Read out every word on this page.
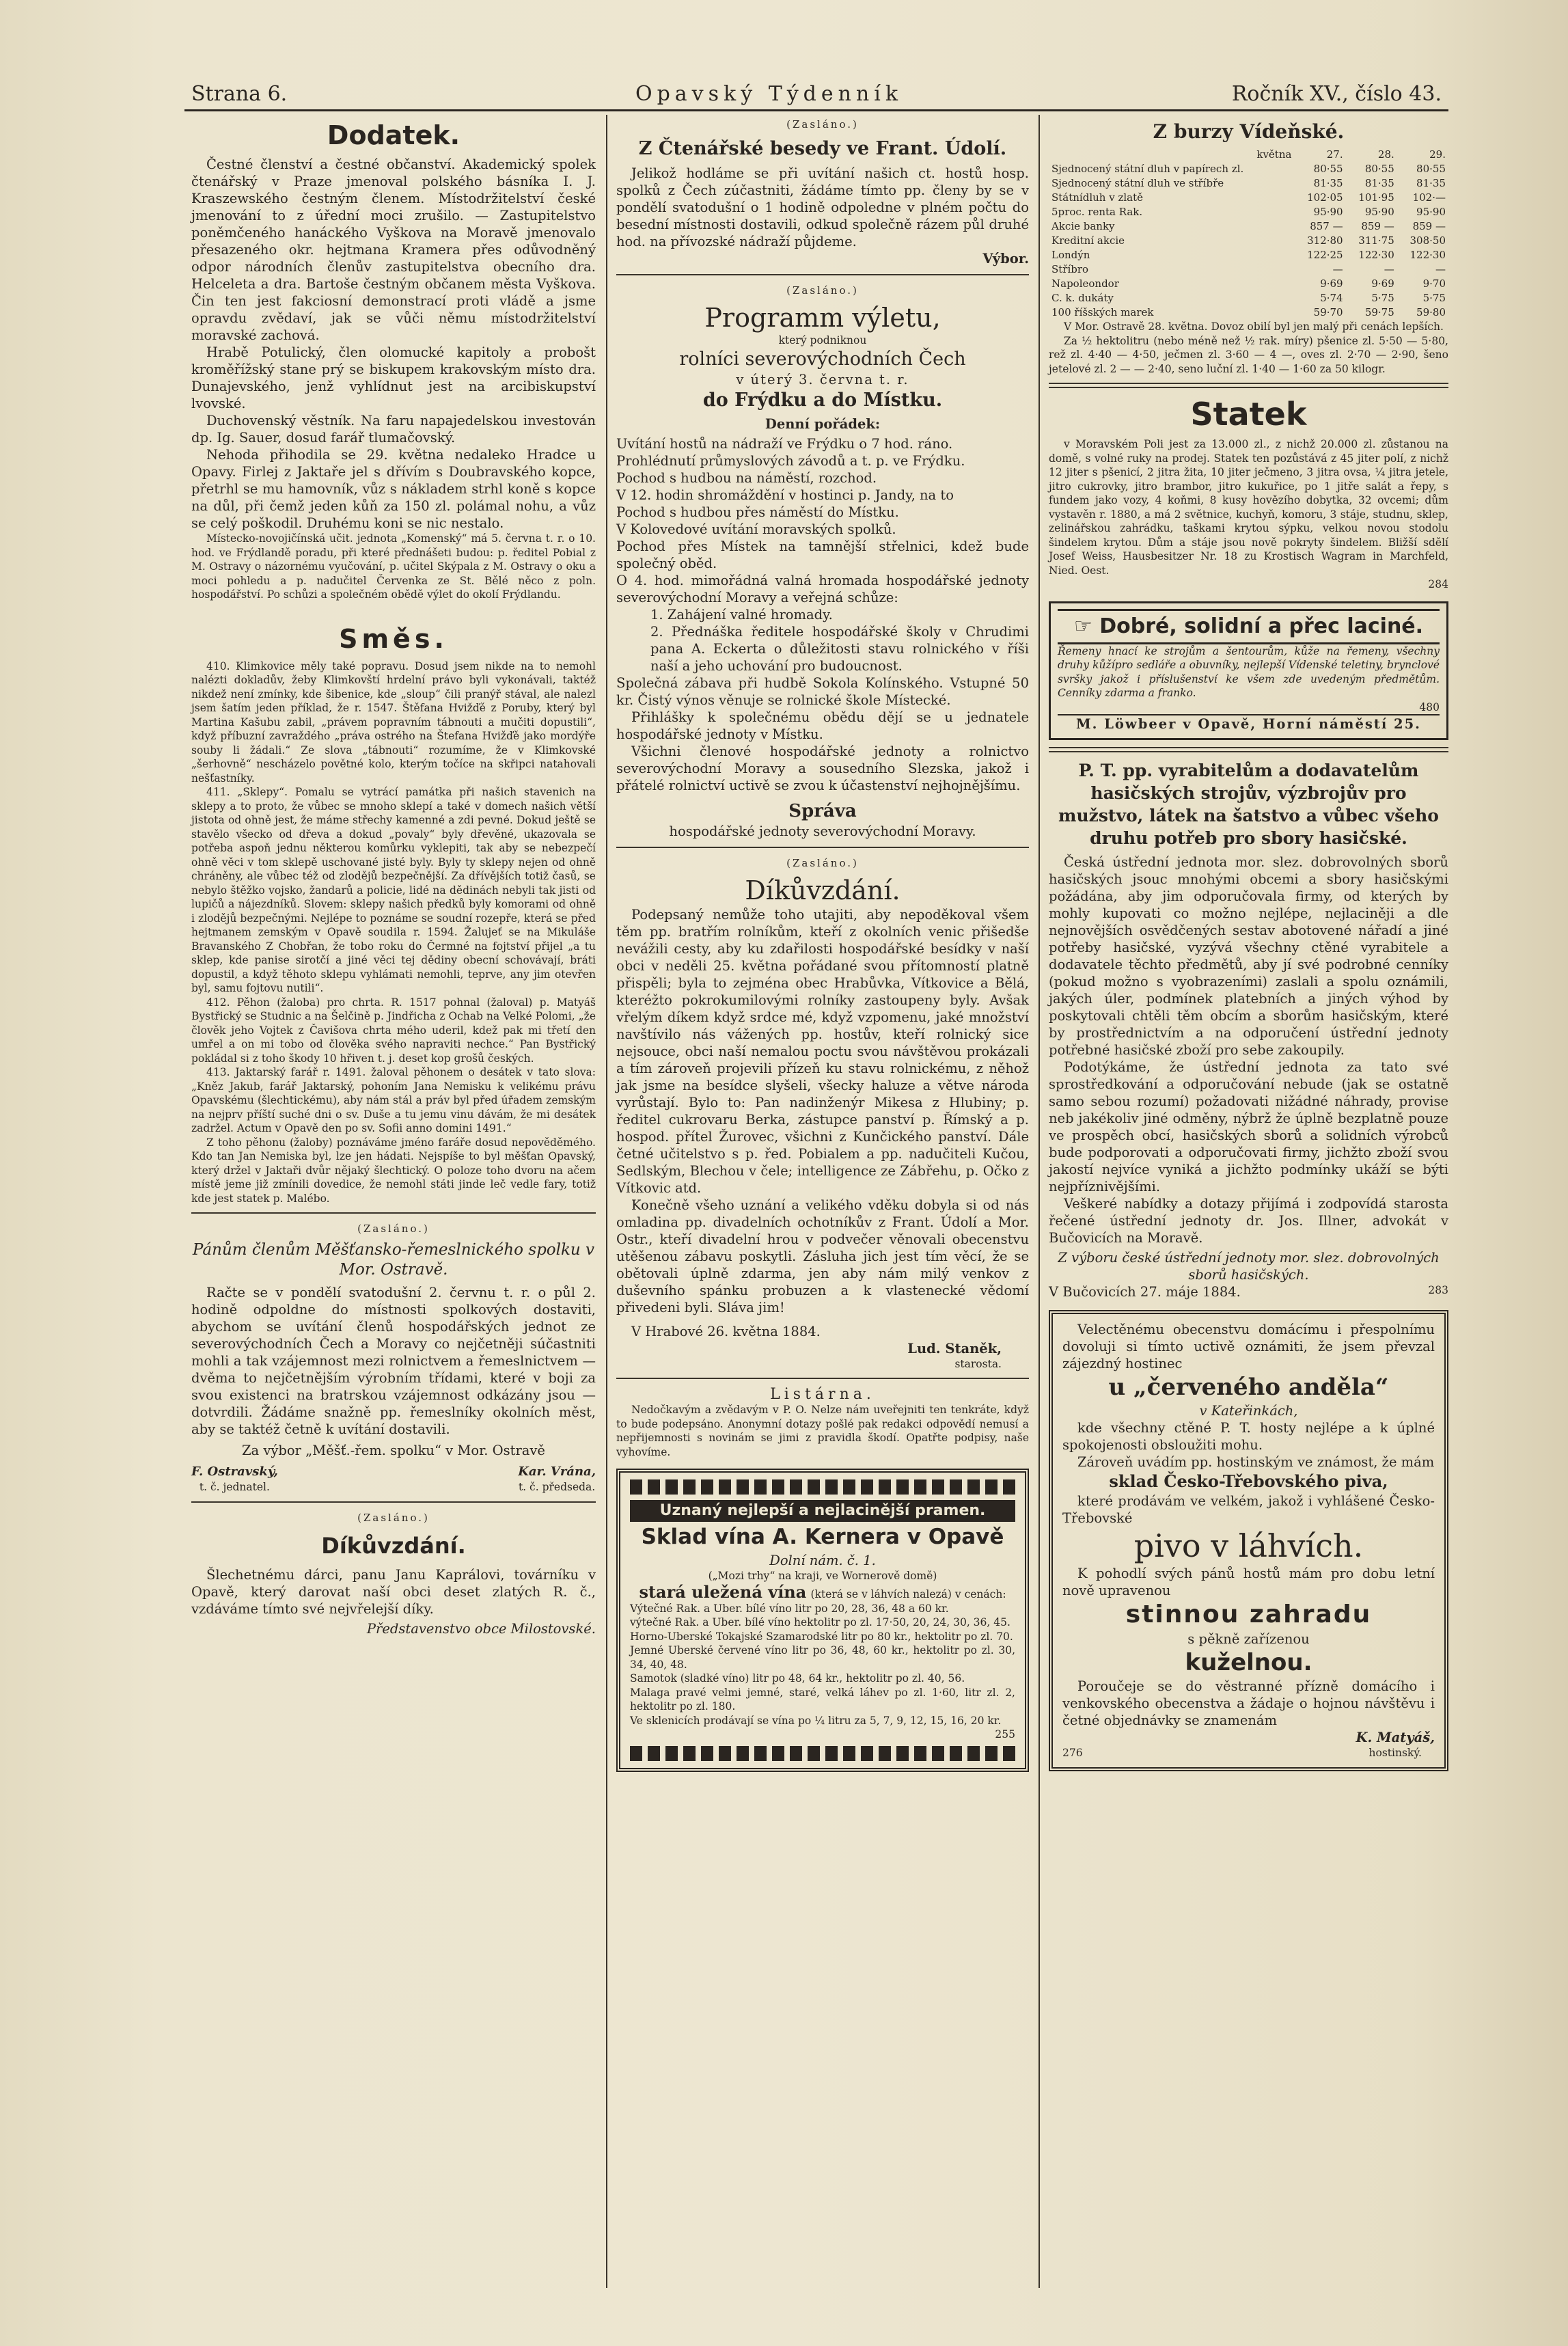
Strana 6.	Opavský Týdenník	Ročník XV., číslo 43.
Dodatek.

Čestné členství a čestné občanství. Akademický spolek čtenářský v Praze jmenoval polského básníka I. J. Kraszewského čestným členem. Místodržitelství české jmenování to z úřední moci zrušilo. — Zastupitelstvo poněmčeného hanáckého Vyškova na Moravě jmenovalo přesazeného okr. hejtmana Kramera přes odůvodněný odpor národních členův zastupitelstva obecního dra. Helceleta a dra. Bartoše čestným občanem města Vyškova. Čin ten jest fakciosní demonstrací proti vládě a jsme opravdu zvědaví, jak se vůči němu místodržitelství moravské zachová.

Hrabě Potulický, člen olomucké kapitoly a probošt kroměřížský stane prý se biskupem krakovským místo dra. Dunajevského, jenž vyhlídnut jest na arcibiskupství lvovské.

Duchovenský věstník. Na faru napajedelskou investován dp. Ig. Sauer, dosud farář tlumačovský.

Nehoda přihodila se 29. května nedaleko Hradce u Opavy. Firlej z Jaktaře jel s dřívím s Doubravského kopce, přetrhl se mu hamovník, vůz s nákladem strhl koně s kopce na důl, při čemž jeden kůň za 150 zl. polámal nohu, a vůz se celý poškodil. Druhému koni se nic nestalo.

Místecko-novojičínská učit. jednota „Komenský“ má 5. června t. r. o 10. hod. ve Frýdlandě poradu, při které přednášeti budou: p. ředitel Pobial z M. Ostravy o názornému vyučování, p. učitel Skýpala z M. Ostravy o oku a moci pohledu a p. nadučitel Červenka ze St. Bělé něco z poln. hospodářství. Po schůzi a společném obědě výlet do okolí Frýdlandu.

Směs.

410. Klimkovice měly také popravu. Dosud jsem nikde na to nemohl nalézti dokladův, žeby Klimkovští hrdelní právo byli vykonávali, taktéž nikdež není zmínky, kde šibenice, kde „sloup“ čili pranýř stával, ale nalezl jsem šatím jeden příklad, že r. 1547. Štěfana Hvižďě z Poruby, který byl Martina Kašubu zabil, „právem popravním tábnouti a mučiti dopustili“, když příbuzní zavraždého „práva ostrého na Štefana Hvižďě jako mordýře souby li žádali.“ Ze slova „tábnouti“ rozumíme, že v Klimkovské „šerhovně“ nescházelo povětné kolo, kterým točíce na skřipci natahovali nešťastníky.

411. „Sklepy“. Pomalu se vytrácí památka při našich stavenich na sklepy a to proto, že vůbec se mnoho sklepí a také v domech našich větší jistota od ohně jest, že máme střechy kamenné a zdi pevné. Dokud ještě se stavělo všecko od dřeva a dokud „povaly“ byly dřevěné, ukazovala se potřeba aspoň jednu některou komůrku vyklepiti, tak aby se nebezpečí ohně věci v tom sklepě uschované jisté byly. Byly ty sklepy nejen od ohně chráněny, ale vůbec též od zlodějů bezpečnější. Za dřívějších totiž časů, se nebylo štěžko vojsko, žandarů a policie, lidé na dědinách nebyli tak jisti od lupičů a nájezdníků. Slovem: sklepy našich předků byly komorami od ohně i zlodějů bezpečnými. Nejlépe to poznáme se soudní rozepře, která se před hejtmanem zemským v Opavě soudila r. 1594. Žalujeť se na Mikuláše Bravanského Z Chobřan, že tobo roku do Čermné na fojtství přijel „a tu sklep, kde panise sirotčí a jiné věci tej dědiny obecní schovávají, bráti dopustil, a když těhoto sklepu vyhlámati nemohli, teprve, any jim otevřen byl, samu fojtovu nutili“.

412. Pěhon (žaloba) pro chrta. R. 1517 pohnal (žaloval) p. Matyáš Bystřický se Studnic a na Šelčině p. Jindřicha z Ochab na Velké Polomi, „že člověk jeho Vojtek z Čavišova chrta mého uderil, kdež pak mi třetí den umřel a on mi tobo od člověka svého napraviti nechce.“ Pan Bystřický pokládal si z toho škody 10 hřiven t. j. deset kop grošů českých.

413. Jaktarský farář r. 1491. žaloval pěhonem o desátek v tato slova: „Kněz Jakub, farář Jaktarský, pohoním Jana Nemisku k velikému právu Opavskému (šlechtickému), aby nám stál a práv byl před úřadem zemským na nejprv příští suché dni o sv. Duše a tu jemu vinu dávám, že mi desátek zadržel. Actum v Opavě den po sv. Sofii anno domini 1491.“

Z toho pěhonu (žaloby) poznáváme jméno faráře dosud nepověděmého. Kdo tan Jan Nemiska byl, lze jen hádati. Nejspíše to byl měšťan Opavský, který držel v Jaktaři dvůr nějaký šlechtický. O poloze toho dvoru na ačem místě jeme již zmínili dovedice, že nemohl státi jinde leč vedle fary, totiž kde jest statek p. Malébo.

(Zasláno.)
Pánům členům Měšťansko-řemeslnického spolku v Mor. Ostravě.

Račte se v pondělí svatodušní 2. červnu t. r. o půl 2. hodině odpoldne do místnosti spolkových dostaviti, abychom se uvítání členů hospodářských jednot ze severovýchodních Čech a Moravy co nejčetněji súčastniti mohli a tak vzájemnost mezi rolnictvem a řemeslnictvem — dvěma to nejčetnějším výrobním třídami, které v boji za svou existenci na bratrskou vzájemnost odkázány jsou — dotvrdili. Žádáme snažně pp. řemeslníky okolních měst, aby se taktéž četně k uvítání dostavili.

Za výbor „Měšť.-řem. spolku“ v Mor. Ostravě

F. Ostravský,
t. č. jednatel.
Kar. Vrána,
t. č. předseda.
(Zasláno.)
Díkůvzdání.

Šlechetnému dárci, panu Janu Kaprálovi, továrníku v Opavě, který darovat naší obci deset zlatých R. č., vzdáváme tímto své nejvřelejší díky.

Představenstvo obce Milostovské.
(Zasláno.)
Z Čtenářské besedy ve Frant. Údolí.

Jelikož hodláme se při uvítání našich ct. hostů hosp. spolků z Čech zúčastniti, žádáme tímto pp. členy by se v pondělí svatodušní o 1 hodině odpoledne v plném počtu do besední místnosti dostavili, odkud společně rázem půl druhé hod. na přívozské nádraží půjdeme.

Výbor.
(Zasláno.)
Programm výletu,
který podniknou
rolníci severovýchodních Čech
v úterý 3. června t. r.
do Frýdku a do Místku.
Denní pořádek:
Uvítání hostů na nádraží ve Frýdku o 7 hod. ráno.
Prohlédnutí průmyslových závodů a t. p. ve Frýdku.
Pochod s hudbou na náměstí, rozchod.
V 12. hodin shromáždění v hostinci p. Jandy, na to
Pochod s hudbou přes náměstí do Místku.
V Kolovedové uvítání moravských spolků.
Pochod přes Místek na tamnější střelnici, kdež bude společný oběd.
O 4. hod. mimořádná valná hromada hospodářské jednoty severovýchodní Moravy a veřejná schůze:
1. Zahájení valné hromady.
2. Přednáška ředitele hospodářské školy v Chrudimi pana A. Eckerta o důležitosti stavu rolnického v říši naší a jeho uchování pro budoucnost.
Společná zábava při hudbě Sokola Kolínského. Vstupné 50 kr. Čistý výnos věnuje se rolnické škole Místecké.

Přihlášky k společnému obědu dějí se u jednatele hospodářské jednoty v Místku.

Všichni členové hospodářské jednoty a rolnictvo severovýchodní Moravy a sousedního Slezska, jakož i přátelé rolnictví uctivě se zvou k účastenství nejhojnějšímu.

Správa
hospodářské jednoty severovýchodní Moravy.
(Zasláno.)
Díkůvzdání.

Podepsaný nemůže toho utajiti, aby nepoděkoval všem těm pp. bratřím rolníkům, kteří z okolních venic přišedše nevážili cesty, aby ku zdařilosti hospodářské besídky v naší obci v neděli 25. května pořádané svou přítomností platně přispěli; byla to zejména obec Hrabůvka, Vítkovice a Bělá, kteréžto pokrokumilovými rolníky zastoupeny byly. Avšak vřelým díkem když srdce mé, když vzpomenu, jaké množství navštívilo nás vážených pp. hostův, kteří rolnický sice nejsouce, obci naší nemalou poctu svou návštěvou prokázali a tím zároveň projevili přízeň ku stavu rolnickému, z něhož jak jsme na besídce slyšeli, všecky haluze a větve národa vyrůstají. Bylo to: Pan nadinženýr Mikesa z Hlubiny; p. ředitel cukrovaru Berka, zástupce panství p. Římský a p. hospod. přítel Žurovec, všichni z Kunčického panství. Dále četné učitelstvo s p. řed. Pobialem a pp. nadučiteli Kučou, Sedlským, Blechou v čele; intelligence ze Zábřehu, p. Očko z Vítkovic atd.

Konečně všeho uznání a velikého vděku dobyla si od nás omladina pp. divadelních ochotníkův z Frant. Údolí a Mor. Ostr., kteří divadelní hrou v podvečer věnovali obecenstvu utěšenou zábavu poskytli. Zásluha jich jest tím věcí, že se obětovali úplně zdarma, jen aby nám milý venkov z duševního spánku probuzen a k vlastenecké vědomí přivedeni byli. Sláva jim!

V Hrabové 26. května 1884.

Lud. Staněk,
starosta.
Listárna.

Nedočkavým a zvědavým v P. O. Nelze nám uveřejniti ten tenkráte, když to bude podepsáno. Anonymní dotazy pošlé pak redakci odpovědí nemusí a nepřijemnosti s novinám se jimi z pravidla škodí. Opatřte podpisy, naše vyhovíme.

Uznaný nejlepší a nejlacinější pramen.
Sklad vína A. Kernera v Opavě
Dolní nám. č. 1.
(„Mozi trhy“ na kraji, ve Wornerově domě)
stará uležená vína (která se v láhvích nalezá) v cenách:
Výtečné Rak. a Uber. bílé víno litr po 20, 28, 36, 48 a 60 kr.
výtečné Rak. a Uber. bílé víno hektolitr po zl. 17·50, 20, 24, 30, 36, 45.
Horno-Uberské Tokajské Szamarodské litr po 80 kr., hektolitr po zl. 70.
Jemné Uberské červené víno litr po 36, 48, 60 kr., hektolitr po zl. 30, 34, 40, 48.
Samotok (sladké víno) litr po 48, 64 kr., hektolitr po zl. 40, 56.
Malaga pravé velmi jemné, staré, velká láhev po zl. 1·60, litr zl. 2, hektolitr po zl. 180.
Ve sklenicích prodávají se vína po ¼ litru za 5, 7, 9, 12, 15, 16, 20 kr.
255
Z burzy Vídeňské.
května	27.	28.	29.
Sjednocený státní dluh v papírech zl.	80·55	80·55	80·55
Sjednocený státní dluh ve stříbře	81·35	81·35	81·35
Státnídluh v zlatě	102·05	101·95	102·—
5proc. renta Rak.	95·90	95·90	95·90
Akcie banky	857 —	859 —	859 —
Kreditní akcie	312·80	311·75	308·50
Londýn	122·25	122·30	122·30
Stříbro	—	—	—
Napoleondor	9·69	9·69	9·70
C. k. dukáty	5·74	5·75	5·75
100 říšských marek	59·70	59·75	59·80

V Mor. Ostravě 28. května. Dovoz obilí byl jen malý při cenách lepších.

Za ½ hektolitru (nebo méně než ½ rak. míry) pšenice zl. 5·50 — 5·80, rež zl. 4·40 — 4·50, ječmen zl. 3·60 — 4 —, oves zl. 2·70 — 2·90, šeno jetelové zl. 2 — — 2·40, seno luční zl. 1·40 — 1·60 za 50 kilogr.

Statek

v Moravském Poli jest za 13.000 zl., z nichž 20.000 zl. zůstanou na domě, s volné ruky na prodej. Statek ten pozůstává z 45 jiter polí, z nichž 12 jiter s pšenicí, 2 jitra žita, 10 jiter ječmeno, 3 jitra ovsa, ¼ jitra jetele, jitro cukrovky, jitro brambor, jitro kukuřice, po 1 jitře salát a řepy, s fundem jako vozy, 4 koňmi, 8 kusy hovězího dobytka, 32 ovcemi; dům vystavěn r. 1880, a má 2 světnice, kuchyň, komoru, 3 stáje, studnu, sklep, zelinářskou zahrádku, taškami krytou sýpku, velkou novou stodolu šindelem krytou. Dům a stáje jsou nově pokryty šindelem. Bližší sdělí Josef Weiss, Hausbesitzer Nr. 18 zu Krostisch Wagram in Marchfeld, Nied. Oest.

284
☞ Dobré, solidní a přec laciné.

Řemeny hnací ke strojům a šentourům, kůže na řemeny, všechny druhy kůžípro sedláře a obuvníky, nejlepší Vídenské teletiny, brynclové svršky jakož i příslušenství ke všem zde uvedeným předmětům. Cenníky zdarma a franko.

480
M. Löwbeer v Opavě, Horní náměstí 25.
P. T. pp. vyrabitelům a dodavatelům hasičských strojův, výzbrojův pro mužstvo, látek na šatstvo a vůbec všeho druhu potřeb pro sbory hasičské.

Česká ústřední jednota mor. slez. dobrovolných sborů hasičských jsouc mnohými obcemi a sbory hasičskými požádána, aby jim odporučovala firmy, od kterých by mohly kupovati co možno nejlépe, nejlaciněji a dle nejnovějších osvědčených sestav abotovené nářadí a jiné potřeby hasičské, vyzývá všechny ctěné vyrabitele a dodavatele těchto předmětů, aby jí své podrobné cenníky (pokud možno s vyobrazeními) zaslali a spolu oznámili, jakých úler, podmínek platebních a jiných výhod by poskytovali chtěli těm obcím a sborům hasičským, které by prostřednictvím a na odporučení ústřední jednoty potřebné hasičské zboží pro sebe zakoupily.

Podotýkáme, že ústřední jednota za tato své sprostředkování a odporučování nebude (jak se ostatně samo sebou rozumí) požadovati nižádné náhrady, provise neb jakékoliv jiné odměny, nýbrž že úplně bezplatně pouze ve prospěch obcí, hasičských sborů a solidních výrobců bude podporovati a odporučovati firmy, jichžto zboží svou jakostí nejvíce vyniká a jichžto podmínky ukáží se býti nejpříznivějšími.

Veškeré nabídky a dotazy přijímá i zodpovídá starosta řečené ústřední jednoty dr. Jos. Illner, advokát v Bučovicích na Moravě.

Z výboru české ústřední jednoty mor. slez. dobrovolných sborů hasičských.

V Bučovicích 27. máje 1884.	283

Velectěnému obecenstvu domácímu i přespolnímu dovoluji si tímto uctivě oznámiti, že jsem převzal zájezdný hostinec

u „červeného anděla“
v Kateřinkách,

kde všechny ctěné P. T. hosty nejlépe a k úplné spokojenosti obsloužiti mohu.

Zároveň uvádím pp. hostinským ve známost, že mám

sklad Česko-Třebovského piva,

které prodávám ve velkém, jakož i vyhlášené Česko-Třebovské

pivo v láhvích.

K pohodlí svých pánů hostů mám pro dobu letní nově upravenou

stinnou zahradu
s pěkně zařízenou
kuželnou.

Poroučeje se do věstranné přízně domácího i venkovského obecenstva a žádaje o hojnou návštěvu i četné objednávky se znamenám

276
K. Matyáš,
hostinský.
